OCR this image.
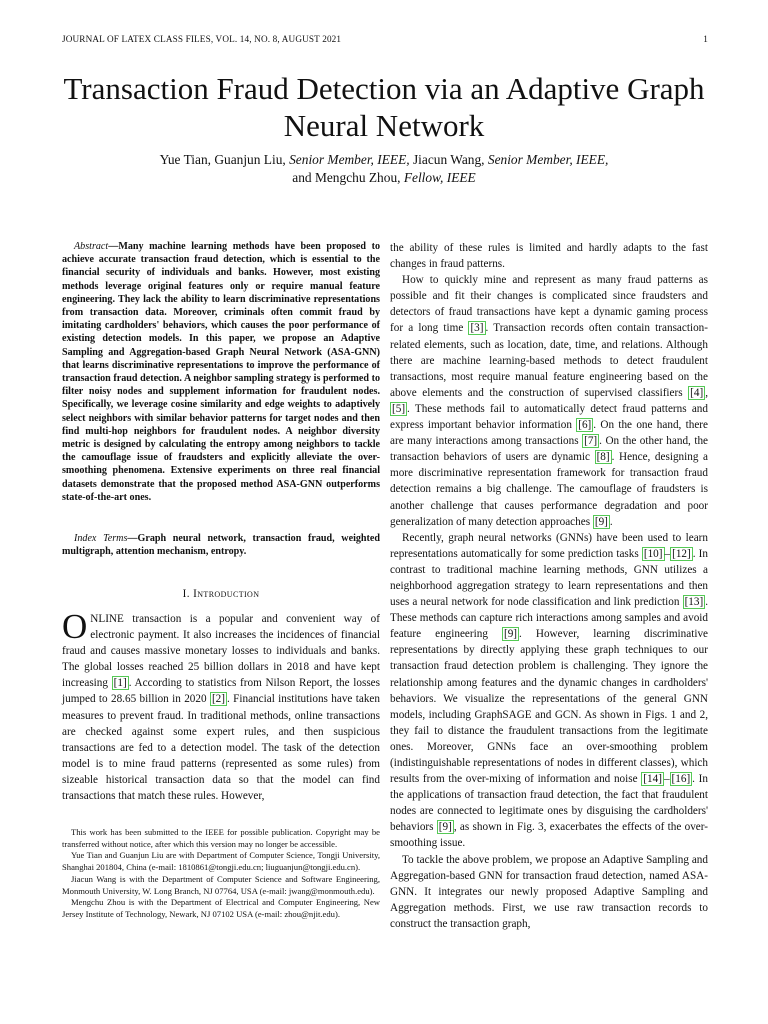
JOURNAL OF LATEX CLASS FILES, VOL. 14, NO. 8, AUGUST 2021	1
Transaction Fraud Detection via an Adaptive Graph Neural Network
Yue Tian, Guanjun Liu, Senior Member, IEEE, Jiacun Wang, Senior Member, IEEE,
and Mengchu Zhou, Fellow, IEEE
Abstract—Many machine learning methods have been proposed to achieve accurate transaction fraud detection, which is essential to the financial security of individuals and banks. However, most existing methods leverage original features only or require manual feature engineering. They lack the ability to learn discriminative representations from transaction data. Moreover, criminals often commit fraud by imitating cardholders' behaviors, which causes the poor performance of existing detection models. In this paper, we propose an Adaptive Sampling and Aggregation-based Graph Neural Network (ASA-GNN) that learns discriminative representations to improve the performance of transaction fraud detection. A neighbor sampling strategy is performed to filter noisy nodes and supplement information for fraudulent nodes. Specifically, we leverage cosine similarity and edge weights to adaptively select neighbors with similar behavior patterns for target nodes and then find multi-hop neighbors for fraudulent nodes. A neighbor diversity metric is designed by calculating the entropy among neighbors to tackle the camouflage issue of fraudsters and explicitly alleviate the over-smoothing phenomena. Extensive experiments on three real financial datasets demonstrate that the proposed method ASA-GNN outperforms state-of-the-art ones.
Index Terms—Graph neural network, transaction fraud, weighted multigraph, attention mechanism, entropy.
I. Introduction
ONLINE transaction is a popular and convenient way of electronic payment. It also increases the incidences of financial fraud and causes massive monetary losses to individuals and banks. The global losses reached 25 billion dollars in 2018 and have kept increasing [1] . According to statistics from Nilson Report, the losses jumped to 28.65 billion in 2020 [2] . Financial institutions have taken measures to prevent fraud. In traditional methods, online transactions are checked against some expert rules, and then suspicious transactions are fed to a detection model. The task of the detection model is to mine fraud patterns (represented as some rules) from sizeable historical transaction data so that the model can find transactions that match these rules. However,

This work has been submitted to the IEEE for possible publication. Copyright may be transferred without notice, after which this version may no longer be accessible.

Yue Tian and Guanjun Liu are with Department of Computer Science, Tongji University, Shanghai 201804, China (e-mail: 1810861@tongji.edu.cn; liuguanjun@tongji.edu.cn).

Jiacun Wang is with the Department of Computer Science and Software Engineering, Monmouth University, W. Long Branch, NJ 07764, USA (e-mail: jwang@monmouth.edu).

Mengchu Zhou is with the Department of Electrical and Computer Engineering, New Jersey Institute of Technology, Newark, NJ 07102 USA (e-mail: zhou@njit.edu).

the ability of these rules is limited and hardly adapts to the fast changes in fraud patterns.

How to quickly mine and represent as many fraud patterns as possible and fit their changes is complicated since fraudsters and detectors of fraud transactions have kept a dynamic gaming process for a long time [3] . Transaction records often contain transaction-related elements, such as location, date, time, and relations. Although there are machine learning-based methods to detect fraudulent transactions, most require manual feature engineering based on the above elements and the construction of supervised classifiers [4] , [5] . These methods fail to automatically detect fraud patterns and express important behavior information [6] . On the one hand, there are many interactions among transactions [7] . On the other hand, the transaction behaviors of users are dynamic [8] . Hence, designing a more discriminative representation framework for transaction fraud detection remains a big challenge. The camouflage of fraudsters is another challenge that causes performance degradation and poor generalization of many detection approaches [9] .

Recently, graph neural networks (GNNs) have been used to learn representations automatically for some prediction tasks [10] – [12] . In contrast to traditional machine learning methods, GNN utilizes a neighborhood aggregation strategy to learn representations and then uses a neural network for node classification and link prediction [13] . These methods can capture rich interactions among samples and avoid feature engineering [9] . However, learning discriminative representations by directly applying these graph techniques to our transaction fraud detection problem is challenging. They ignore the relationship among features and the dynamic changes in cardholders' behaviors. We visualize the representations of the general GNN models, including GraphSAGE and GCN. As shown in Figs. 1 and 2, they fail to distance the fraudulent transactions from the legitimate ones. Moreover, GNNs face an over-smoothing problem (indistinguishable representations of nodes in different classes), which results from the over-mixing of information and noise [14] – [16] . In the applications of transaction fraud detection, the fact that fraudulent nodes are connected to legitimate ones by disguising the cardholders' behaviors [9] , as shown in Fig. 3, exacerbates the effects of the over-smoothing issue.

To tackle the above problem, we propose an Adaptive Sampling and Aggregation-based GNN for transaction fraud detection, named ASA-GNN. It integrates our newly proposed Adaptive Sampling and Aggregation methods. First, we use raw transaction records to construct the transaction graph,
